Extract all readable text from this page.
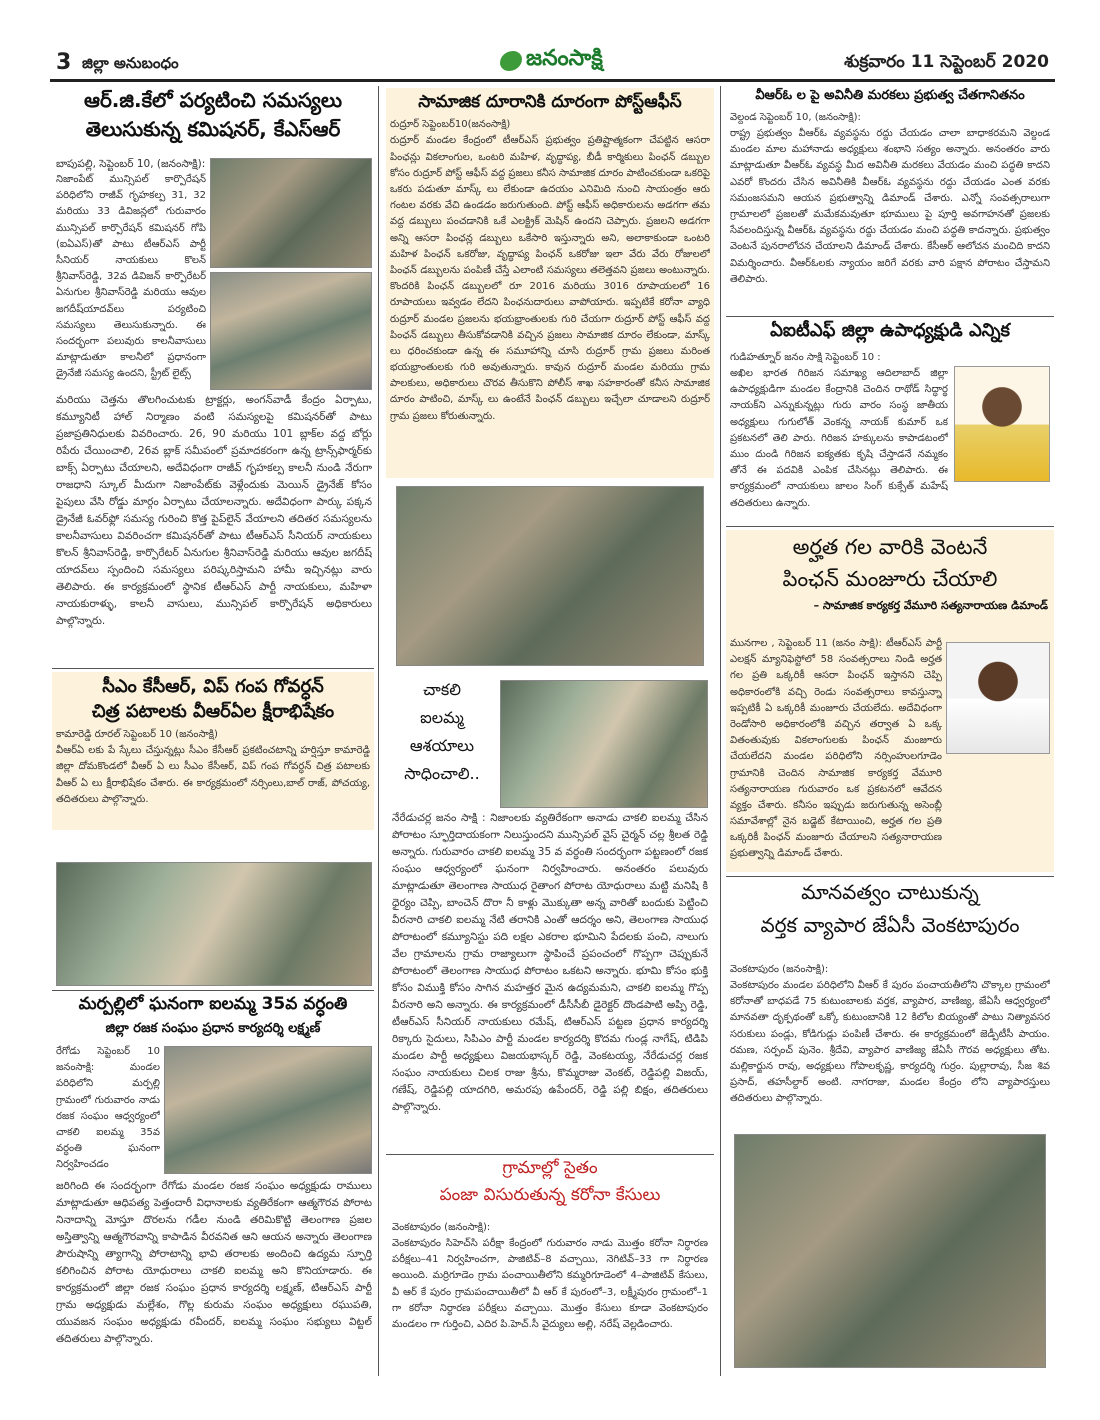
3 జిల్లా అనుబంధం	జనంసాక్షి	శుక్రవారం 11 సెప్టెంబర్ 2020
ఆర్.జి.కేలో పర్యటించి సమస్యలు
తెలుసుకున్న కమిషనర్, కేఎస్ఆర్
బాపుపల్లి, సెప్టెంబర్ 10, (జనంసాక్షి):
నిజాంపేట్ మున్సిపల్ కార్పొరేషన్ పరిధిలోని రాజీవ్ గృహకల్ప 31, 32 మరియు 33 డివిజన్లలో గురువారం మున్సిపల్ కార్పొరేషన్ కమిషనర్ గోపి (ఐఏఎస్)తో పాటు టీఆర్ఎస్ పార్టీ సీనియర్ నాయకులు కొలన్ శ్రీనివాస్‌రెడ్డి, 32వ డివిజన్ కార్పొరేటర్ ఏనుగుల శ్రీనివాస్‌రెడ్డి మరియు ఆవుల జగదీష్‌యాదవ్‌లు పర్యటించి సమస్యలు తెలుసుకున్నారు. ఈ సందర్భంగా పలువురు కాలనీవాసులు మాట్లాడుతూ కాలనీలో ప్రధానంగా డ్రైనేజీ సమస్య ఉందని, స్ట్రీట్ లైట్స్
మరియు చెత్తను తొలగించుటకు ట్రాక్టర్లు, అంగన్‌వాడీ కేంద్రం ఏర్పాటు, కమ్యూనిటీ హాల్ నిర్మాణం వంటి సమస్యలపై కమిషనర్‌తో పాటు ప్రజాప్రతినిధులకు వివరించారు. 26, 90 మరియు 101 బ్లాక్‌ల వద్ద బోర్లు రిపేరు చేయించాలి, 26వ బ్లాక్ సమీపంలో ప్రమాదకరంగా ఉన్న ట్రాన్స్‌ఫార్మర్‌కు బాక్స్ ఏర్పాటు చేయాలని, అదేవిధంగా రాజీవ్ గృహకల్ప కాలనీ నుండి నేరుగా రాజధాని స్కూల్ మీదుగా నిజాంపేట్‌కు వెళ్లేందుకు మెయిన్ డ్రైనేజ్ కోసం పైపులు వేసి రోడ్డు మార్గం ఏర్పాటు చేయాలన్నారు. అదేవిధంగా పార్కు పక్కన డ్రైనేజీ ఓవర్‌ఫ్లో సమస్య గురించి కొత్త పైప్‌లైన్ వేయాలని తదితర సమస్యలను కాలనీవాసులు వివరించగా కమిషనర్‌తో పాటు టీఆర్ఎస్ సీనియర్ నాయకులు కొలన్ శ్రీనివాస్‌రెడ్డి, కార్పొరేటర్ ఏనుగుల శ్రీనివాస్‌రెడ్డి మరియు ఆవుల జగదీష్ యాదవ్‌లు స్పందించి సమస్యలు పరిష్కరిస్తామని హామీ ఇచ్చినట్లు వారు తెలిపారు. ఈ కార్యక్రమంలో స్థానిక టీఆర్ఎస్ పార్టీ నాయకులు, మహిళా నాయకురాళ్ళు, కాలనీ వాసులు, మున్సిపల్ కార్పొరేషన్ అధికారులు పాల్గొన్నారు.
సీఎం కేసీఆర్, విప్ గంప గోవర్ధన్
చిత్ర పటాలకు వీఆర్ఏల క్షీరాభిషేకం
కామారెడ్డి రూరల్ సెప్టెంబర్ 10 (జనంసాక్షి)
వీఆర్ఏ లకు పే స్కేలు చేస్తున్నట్లు సీఎం కేసీఆర్ ప్రకటించటాన్ని హర్షిస్తూ కామారెడ్డి జిల్లా దోమకొండలో వీఆర్ ఏ లు సీఎం కేసీఆర్, విప్ గంప గోవర్ధన్ చిత్ర పటాలకు వీఆర్ ఏ లు క్షీరాభిషేకం చేశారు. ఈ కార్యక్రమంలో నర్సింలు,బాల్ రాజ్, పోచయ్య, తదితరులు పాల్గొన్నారు.
మర్పల్లిలో ఘనంగా ఐలమ్మ 35వ వర్ధంతి
జిల్లా రజక సంఘం ప్రధాన కార్యదర్శి లక్ష్మణ్
రేగోడు సెప్టెంబర్ 10 జనంసాక్షి: మండల పరిధిలోని మర్పల్లి గ్రామంలో గురువారం నాడు రజక సంఘం ఆధ్వర్యంలో చాకలి ఐలమ్మ 35వ వర్ధంతి ఘనంగా నిర్వహించడం
జరిగింది ఈ సందర్భంగా రేగోడు మండల రజక సంఘం అధ్యక్షుడు రాములు మాట్లాడుతూ ఆధిపత్య పెత్తందారీ విధానాలకు వ్యతిరేకంగా ఆత్మగౌరవ పోరాట నినాదాన్ని మోస్తూ దొరలను గడీల నుండి తరిమికొట్టి తెలంగాణ ప్రజల అస్తిత్వాన్ని ఆత్మగౌరవాన్ని కాపాడిన వీరవనిత ఆని ఆయన అన్నారు తెలంగాణ పౌరుషాన్ని త్యాగాన్ని పోరాటాన్ని భావి తరాలకు అందించి ఉద్యమ స్ఫూర్తి కలిగించిన పోరాట యోధురాలు చాకలి ఐలమ్మ అని కొనియాడారు. ఈ కార్యక్రమంలో జిల్లా రజక సంఘం ప్రధాన కార్యదర్శి లక్ష్మణ్, టిఆర్ఎస్ పార్టీ గ్రామ అధ్యక్షుడు మల్లేశం, గొల్ల కురుమ సంఘం అధ్యక్షులు రఘుపతి, యువజన సంఘం అధ్యక్షుడు రవీందర్, ఐలమ్మ సంఘం సభ్యులు విట్టల్ తదితరులు పాల్గొన్నారు.
సామాజిక దూరానికి దూరంగా పోస్ట్ఆఫీస్
రుద్రూర్ సెప్టెంబర్10(జనంసాక్షి)
రుద్రూర్ మండల కేంద్రంలో టీఆర్ఎస్ ప్రభుత్వం ప్రతిష్టాత్మకంగా చేపట్టిన ఆసరా పింఛన్లు వికలాంగుల, ఒంటరి మహిళ, వృద్ధాప్య, బీడీ కార్మికులు పింఛన్ డబ్బుల కోసం రుద్రూర్ పోస్ట్ ఆఫీస్ వద్ద ప్రజలు కనీస సామాజిక దూరం పాటించకుండా ఒకరిపై ఒకరు పడుతూ మాస్క్ లు లేకుండా ఉదయం ఎనిమిది నుంచి సాయంత్రం ఆరు గంటల వరకు వేచి ఉండడం జరుగుతుంది. పోస్ట్ ఆఫీస్ అధికారులను అడగగా తమ వద్ద డబ్బులు పంచడానికి ఒకే ఎలక్ట్రిక్ మెషిన్ ఉందని చెప్పారు. ప్రజలని అడగగా అన్ని ఆసరా పింఛన్ల డబ్బులు ఒకేసారి ఇస్తున్నారు అని, అలాకాకుండా ఒంటరి మహిళ పింఛన్ ఒకరోజు, వృద్ధాప్య పింఛన్ ఒకరోజు ఇలా వేరు వేరు రోజులలో పింఛన్ డబ్బులను పంపిణీ చేస్తే ఎలాంటి సమస్యలు తలెత్తవని ప్రజలు అంటున్నారు. కొందరికి పింఛన్ డబ్బులలో రూ 2016 మరియు 3016 రూపాయలలో 16 రూపాయలు ఇవ్వడం లేదని పింఛనుదారులు వాపోయారు. ఇప్పటికే కరోనా వ్యాధి రుద్రూర్ మండల ప్రజలను భయభ్రాంతులకు గురి చేయగా రుద్రూర్ పోస్ట్ ఆఫీస్ వద్ద పింఛన్ డబ్బులు తీసుకోవడానికి వచ్చిన ప్రజలు సామాజిక దూరం లేకుండా, మాస్క్ లు ధరించకుండా ఉన్న ఈ సమూహాన్ని చూసి రుద్రూర్ గ్రామ ప్రజలు మరింత భయభ్రాంతులకు గురి అవుతున్నారు. కావున రుద్రూర్ మండల మరియు గ్రామ పాలకులు, అధికారులు చొరవ తీసుకొని పోలీస్ శాఖ సహకారంతో కనీస సామాజిక దూరం పాటించి, మాస్క్ లు ఉంటేనే పింఛన్ డబ్బులు ఇచ్చేలా చూడాలని రుద్రూర్ గ్రామ ప్రజలు కోరుతున్నారు.
చాకలి
ఐలమ్మ
ఆశయాలు
సాధించాలి..
నేరేడుచర్ల జనం సాక్షి : నిజాంలకు వ్యతిరేకంగా అనాడు చాకలి ఐలమ్మ చేసిన పోరాటం స్ఫూర్తిదాయకంగా నిలుస్తుందని మున్సిపల్ వైస్ చైర్మన్ చల్ల శ్రీలత రెడ్డి అన్నారు. గురువారం చాకలి ఐలమ్మ 35 వ వర్ధంతి సందర్భంగా పట్టణంలో రజక సంఘం ఆధ్వర్యంలో ఘనంగా నిర్వహించారు. అనంతరం పలువురు మాట్లాడుతూ తెలంగాణ సాయుధ రైతాంగ పోరాట యోధురాలు మట్టి మనిషి కి ధైర్యం చెప్పి, బాంచెన్ దొరా నీ కాళ్లు మొక్కుతా అన్న వారితో బందుకు పెట్టించి వీరనారి చాకలి ఐలమ్మ నేటి తరానికి ఎంతో ఆదర్శం అని, తెలంగాణ సాయుధ పోరాటంలో కమ్యూనిస్టు పది లక్షల ఎకరాల భూమిని పేదలకు పంచి, నాలుగు వేల గ్రామాలను గ్రామ రాజ్యాలుగా స్థాపించే ప్రపంచంలో గొప్పగా చెప్పుకునే పోరాటంలో తెలంగాణ సాయుధ పోరాటం ఒకటని అన్నారు. భూమి కోసం భుక్తి కోసం విముక్తి కోసం సాగిన మహత్తర మైన ఉద్యమమని, చాకలి ఐలమ్మ గొప్ప వీరనారి అని అన్నారు. ఈ కార్యక్రమంలో డీసీసీబీ డైరెక్టర్ దొండపాటి అప్పి రెడ్డి, టీఆర్ఎస్ సీనియర్ నాయకులు రమేష్, టిఆర్ఎస్ పట్టణ ప్రధాన కార్యదర్శి రిక్కారు సైదులు, సిపిఎం పార్టీ మండల కార్యదర్శి కొదమ గుండ్ల నాగేష్, టిడిపి మండల పార్టీ అధ్యక్షులు విజయభాస్కర్ రెడ్డి, వెంకటయ్య, నేరేడుచర్ల రజక సంఘం నాయకులు చిలక రాజు శ్రీను, కొమ్మరాజు వెంకట్, రెడ్డిపల్లి విజయ్, గణేష్, రెడ్డిపల్లి యాదగిరి, అమరపు ఉపేందర్, రెడ్డి పల్లి బిక్షం, తదితరులు పాల్గొన్నారు.
గ్రామాల్లో సైతం
పంజా విసురుతున్న కరోనా కేసులు
వెంకటాపురం (జనంసాక్షి):
వెంకటాపురం సిహెచ్‌సి పరీక్షా కేంద్రంలో గురువారం నాడు మొత్తం కరోనా నిర్ధారణ పరీక్షలు–41 నిర్వహించగా, పాజిటివ్–8 వచ్చాయి, నెగిటివ్–33 గా నిర్ధారణ అయింది. మర్రిగూడెం గ్రామ పంచాయితీలోని కమ్మరిగూడెంలో 4–పాజిటివ్ కేసులు, వీ ఆర్ కే పురం గ్రామపంచాయితీలో వీ ఆర్ కే పురంలో–3, లక్ష్మీపురం గ్రామంలో–1 గా కరోనా నిర్ధారణ పరీక్షలు వచ్చాయి. మొత్తం కేసులు కూడా వెంకటాపురం మండలం గా గుర్తించి, ఎదిర పి.హెచ్.సీ వైద్యులు అల్లి, నరేష్ వెల్లడించారు.
వీఆర్ఓ ల పై అవినీతి మరకలు ప్రభుత్వ చేతగానితనం
వెల్దండ సెప్టెంబర్ 10, (జనంసాక్షి):
రాష్ట్ర ప్రభుత్వం వీఆర్ఓ వ్యవస్థను రద్దు చేయడం చాలా బాధాకరమని వెల్దండ మండల మాల మహానాడు అధ్యక్షులు శంభాని సత్యం అన్నారు. అనంతరం వారు మాట్లాడుతూ వీఆర్ఓ వ్యవస్థ మీద అవినీతి మరకలు వేయడం మంచి పద్ధతి కాదని ఎవరో కొందరు చేసిన అవినీతికి వీఆర్ఓ వ్యవస్థను రద్దు చేయడం ఎంత వరకు సమంజసమని ఆయన ప్రభుత్వాన్ని డిమాండ్ చేశారు. ఎన్నో సంవత్సరాలుగా గ్రామాలలో ప్రజలతో మమేకమవుతూ భూములు పై పూర్తి అవగాహనతో ప్రజలకు సేవలందిస్తున్న వీఆర్ఓ వ్యవస్థను రద్దు చేయడం మంచి పద్ధతి కాదన్నారు. ప్రభుత్వం వెంటనే పునరాలోచన చేయాలని డిమాండ్ చేశారు. కేసీఆర్ ఆలోచన మంచిది కాదని విమర్శించారు. వీఆర్ఓలకు న్యాయం జరిగే వరకు వారి పక్షాన పోరాటం చేస్తామని తెలిపారు.
ఏఐటీఎఫ్ జిల్లా ఉపాధ్యక్షుడి ఎన్నిక
గుడిహత్నూర్ జనం సాక్షి సెప్టెంబర్ 10 :
అఖిల భారత గిరిజన సమాఖ్య ఆదిలాబాద్ జిల్లా ఉపాధ్యక్షుడిగా మండల కేంద్రానికి చెందిన రాథోడ్ సిద్ధార్థ నాయక్‌ని ఎన్నుకున్నట్లు గురు వారం సంస్థ జాతీయ అధ్యక్షులు గుగులోత్ వెంకన్న నాయక్ కుమార్ ఒక ప్రకటనలో తెలి పారు. గిరిజన హక్కులను కాపాడటంలో ముం దుండి గిరిజన ఐక్యతకు కృషి చేస్తాడనే నమ్మకం తోనే ఈ పదవికి ఎంపిక చేసినట్లు తెలిపారు. ఈ కార్యక్రమంలో నాయకులు జాలం సింగ్ కుక్సేత్ మహేష్ తదితరులు ఉన్నారు.
అర్హత గల వారికి వెంటనే
పింఛన్ మంజూరు చేయాలి
– సామాజిక కార్యకర్త వేమూరి సత్యనారాయణ డిమాండ్
మునగాల , సెప్టెంబర్ 11 (జనం సాక్షి): టీఆర్ఎస్ పార్టీ ఎలక్షన్ మ్యానిఫెస్టోలో 58 సంవత్సరాలు నిండి అర్హత గల ప్రతి ఒక్కరికీ ఆసరా పింఛన్ ఇస్తానని చెప్పి అధికారంలోకి వచ్చి రెండు సంవత్సరాలు కావస్తున్నా ఇప్పటికీ ఏ ఒక్కరికీ మంజూరు చేయలేదు. అదేవిధంగా రెండోసారి అధికారంలోకి వచ్చిన తర్వాత ఏ ఒక్క వితంతువుకు వికలాంగులకు పింఛన్ మంజూరు చేయలేదని మండల పరిధిలోని నర్సింహులగూడెం గ్రామానికి చెందిన సామాజిక కార్యకర్త వేమూరి సత్యనారాయణ గురువారం ఒక ప్రకటనలో ఆవేదన వ్యక్తం చేశారు. కనీసం ఇప్పుడు జరుగుతున్న అసెంబ్లీ సమావేశాల్లో నైన బడ్జెట్ కేటాయించి, అర్హత గల ప్రతి ఒక్కరికీ పింఛన్ మంజూరు చేయాలని సత్యనారాయణ ప్రభుత్వాన్ని డిమాండ్ చేశారు.
మానవత్వం చాటుకున్న
వర్తక వ్యాపార జేఏసీ వెంకటాపురం
వెంకటాపురం (జనంసాక్షి):
వెంకటాపురం మండల పరిధిలోని వీఆర్ కే పురం పంచాయతీలోని చొక్కాల గ్రామంలో కరోనాతో బాధపడే 75 కుటుంబాలకు వర్తక, వ్యాపార, వాణిజ్య, జేఏసీ ఆధ్వర్యంలో మానవతా దృక్పథంతో ఒక్కో కుటుంబానికి 12 కిలోల బియ్యంతో పాటు నిత్యావసర సరుకులు పండ్లు, కోడిగుడ్లు పంపిణీ చేశారు. ఈ కార్యక్రమంలో జెడ్పీటీసీ పాయం. రమణ, సర్పంచ్ పునెం. శ్రీదేవి, వ్యాపార వాణిజ్య జేఏసీ గౌరవ అధ్యక్షులు తోట. మల్లికార్జున రావు, అధ్యక్షులు గోపాలకృష్ణ, కార్యదర్శి గుర్రం. పుల్లారావు, సీజ శివ ప్రసాద్, తహసీల్దార్ అంటి. నాగరాజు, మండల కేంద్రం లోని వ్యాపారస్తులు తదితరులు పాల్గొన్నారు.
